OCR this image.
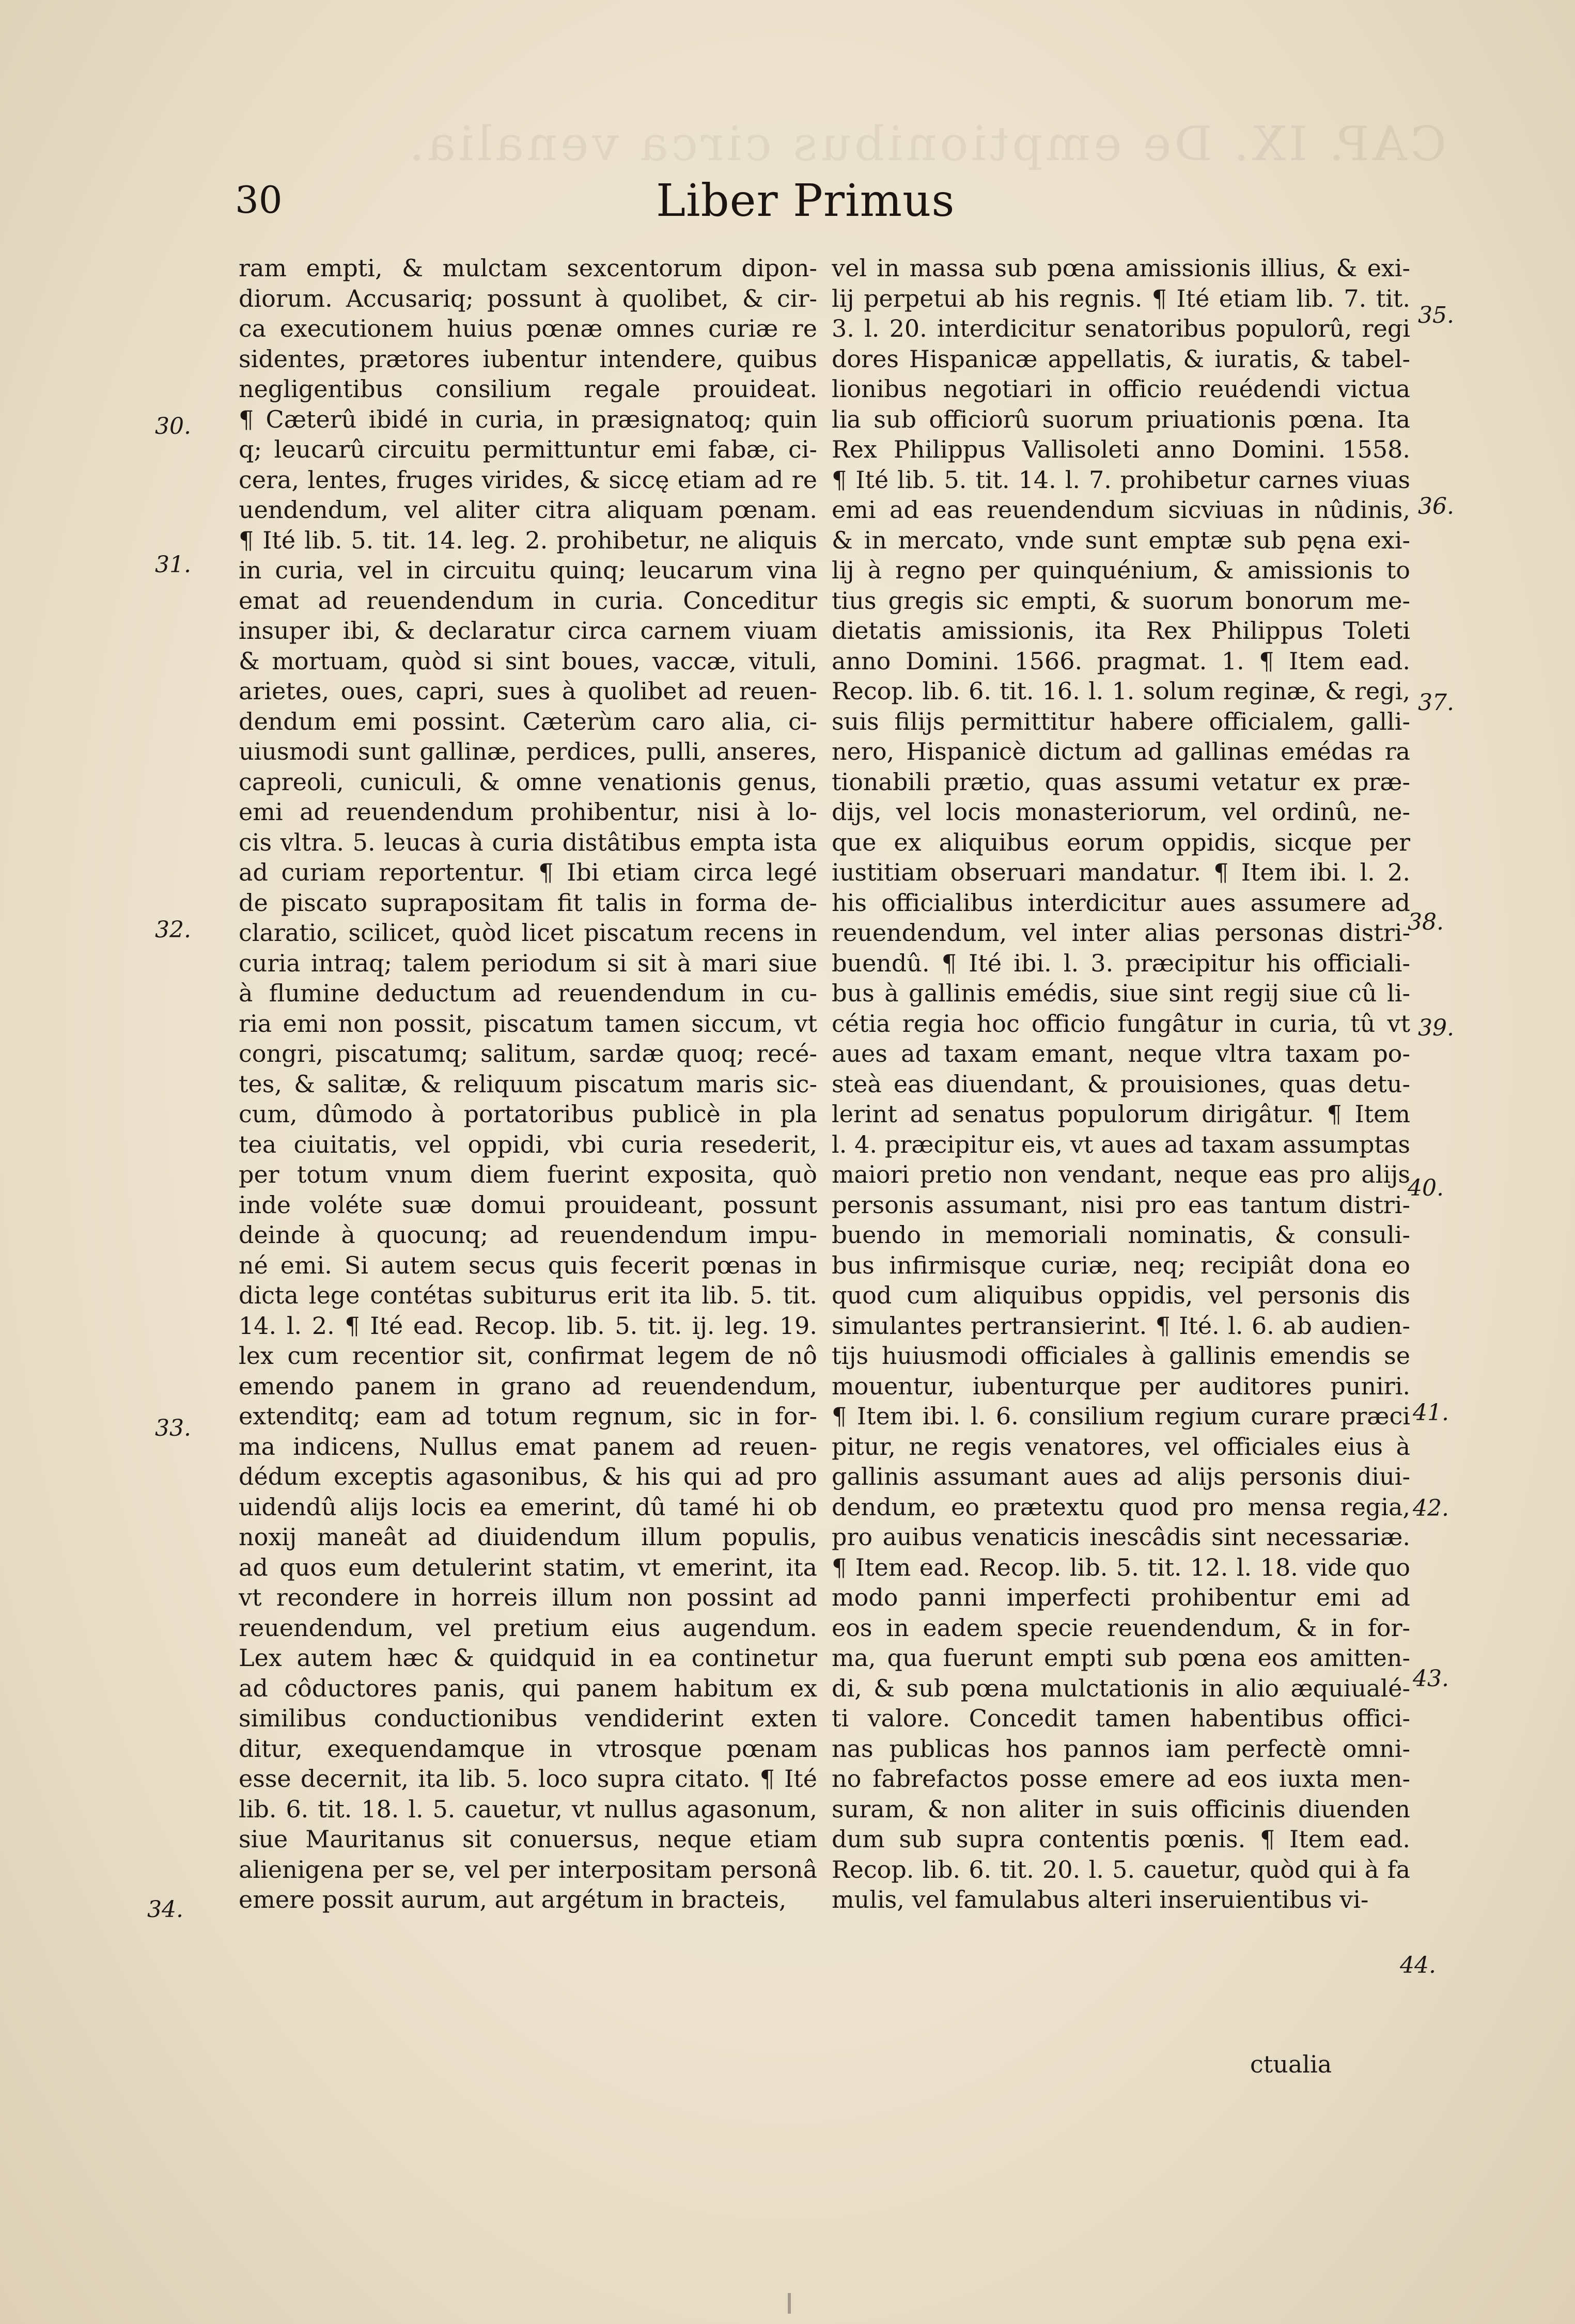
CAP. IX. De emptionibus circa venalia.
30	Liber Primus
ram empti, & mulctam sexcentorum dipon-
diorum. Accusariq; possunt à quolibet, & cir-
ca executionem huius pœnæ omnes curiæ re
sidentes, prætores iubentur intendere, quibus
negligentibus consilium regale prouideat.
¶ Cæterû ibidé in curia, in præsignatoq; quin
q; leucarû circuitu permittuntur emi fabæ, ci-
cera, lentes, fruges virides, & siccę etiam ad re
uendendum, vel aliter citra aliquam pœnam.
¶ Ité lib. 5. tit. 14. leg. 2. prohibetur, ne aliquis
in curia, vel in circuitu quinq; leucarum vina
emat ad reuendendum in curia. Conceditur
insuper ibi, & declaratur circa carnem viuam
& mortuam, quòd si sint boues, vaccæ, vituli,
arietes, oues, capri, sues à quolibet ad reuen-
dendum emi possint. Cæterùm caro alia, ci-
uiusmodi sunt gallinæ, perdices, pulli, anseres,
capreoli, cuniculi, & omne venationis genus,
emi ad reuendendum prohibentur, nisi à lo-
cis vltra. 5. leucas à curia distâtibus empta ista
ad curiam reportentur. ¶ Ibi etiam circa legé
de piscato suprapositam fit talis in forma de-
claratio, scilicet, quòd licet piscatum recens in
curia intraq; talem periodum si sit à mari siue
à flumine deductum ad reuendendum in cu-
ria emi non possit, piscatum tamen siccum, vt
congri, piscatumq; salitum, sardæ quoq; recé-
tes, & salitæ, & reliquum piscatum maris sic-
cum, dûmodo à portatoribus publicè in pla
tea ciuitatis, vel oppidi, vbi curia resederit,
per totum vnum diem fuerint exposita, quò
inde voléte suæ domui prouideant, possunt
deinde à quocunq; ad reuendendum impu-
né emi. Si autem secus quis fecerit pœnas in
dicta lege contétas subiturus erit ita lib. 5. tit.
14. l. 2. ¶ Ité ead. Recop. lib. 5. tit. ij. leg. 19.
lex cum recentior sit, confirmat legem de nô
emendo panem in grano ad reuendendum,
extenditq; eam ad totum regnum, sic in for-
ma indicens, Nullus emat panem ad reuen-
dédum exceptis agasonibus, & his qui ad pro
uidendû alijs locis ea emerint, dû tamé hi ob
noxij maneât ad diuidendum illum populis,
ad quos eum detulerint statim, vt emerint, ita
vt recondere in horreis illum non possint ad
reuendendum, vel pretium eius augendum.
Lex autem hæc & quidquid in ea continetur
ad côductores panis, qui panem habitum ex
similibus conductionibus vendiderint exten
ditur, exequendamque in vtrosque pœnam
esse decernit, ita lib. 5. loco supra citato. ¶ Ité
lib. 6. tit. 18. l. 5. cauetur, vt nullus agasonum,
siue Mauritanus sit conuersus, neque etiam
alienigena per se, vel per interpositam personâ
emere possit aurum, aut argétum in bracteis,
vel in massa sub pœna amissionis illius, & exi-
lij perpetui ab his regnis. ¶ Ité etiam lib. 7. tit.
3. l. 20. interdicitur senatoribus populorû, regi
dores Hispanicæ appellatis, & iuratis, & tabel-
lionibus negotiari in officio reuédendi victua
lia sub officiorû suorum priuationis pœna. Ita
Rex Philippus Vallisoleti anno Domini. 1558.
¶ Ité lib. 5. tit. 14. l. 7. prohibetur carnes viuas
emi ad eas reuendendum sicviuas in nûdinis,
& in mercato, vnde sunt emptæ sub pęna exi-
lij à regno per quinquénium, & amissionis to
tius gregis sic empti, & suorum bonorum me-
dietatis amissionis, ita Rex Philippus Toleti
anno Domini. 1566. pragmat. 1. ¶ Item ead.
Recop. lib. 6. tit. 16. l. 1. solum reginæ, & regi,
suis filijs permittitur habere officialem, galli-
nero, Hispanicè dictum ad gallinas emédas ra
tionabili prætio, quas assumi vetatur ex præ-
dijs, vel locis monasteriorum, vel ordinû, ne-
que ex aliquibus eorum oppidis, sicque per
iustitiam obseruari mandatur. ¶ Item ibi. l. 2.
his officialibus interdicitur aues assumere ad
reuendendum, vel inter alias personas distri-
buendû. ¶ Ité ibi. l. 3. præcipitur his officiali-
bus à gallinis emédis, siue sint regij siue cû li-
cétia regia hoc officio fungâtur in curia, tû vt
aues ad taxam emant, neque vltra taxam po-
steà eas diuendant, & prouisiones, quas detu-
lerint ad senatus populorum dirigâtur. ¶ Item
l. 4. præcipitur eis, vt aues ad taxam assumptas
maiori pretio non vendant, neque eas pro alijs
personis assumant, nisi pro eas tantum distri-
buendo in memoriali nominatis, & consuli-
bus infirmisque curiæ, neq; recipiât dona eo
quod cum aliquibus oppidis, vel personis dis
simulantes pertransierint. ¶ Ité. l. 6. ab audien-
tijs huiusmodi officiales à gallinis emendis se
mouentur, iubenturque per auditores puniri.
¶ Item ibi. l. 6. consilium regium curare præci
pitur, ne regis venatores, vel officiales eius à
gallinis assumant aues ad alijs personis diui-
dendum, eo prætextu quod pro mensa regia,
pro auibus venaticis inescâdis sint necessariæ.
¶ Item ead. Recop. lib. 5. tit. 12. l. 18. vide quo
modo panni imperfecti prohibentur emi ad
eos in eadem specie reuendendum, & in for-
ma, qua fuerunt empti sub pœna eos amitten-
di, & sub pœna mulctationis in alio æquiualé-
ti valore. Concedit tamen habentibus offici-
nas publicas hos pannos iam perfectè omni-
no fabrefactos posse emere ad eos iuxta men-
suram, & non aliter in suis officinis diuenden
dum sub supra contentis pœnis. ¶ Item ead.
Recop. lib. 6. tit. 20. l. 5. cauetur, quòd qui à fa
mulis, vel famulabus alteri inseruientibus vi-
30.
31.
32.
33.
34.
35.
36.
37.
38.
39.
40.
41.
42.
43.
44.
ctualia
